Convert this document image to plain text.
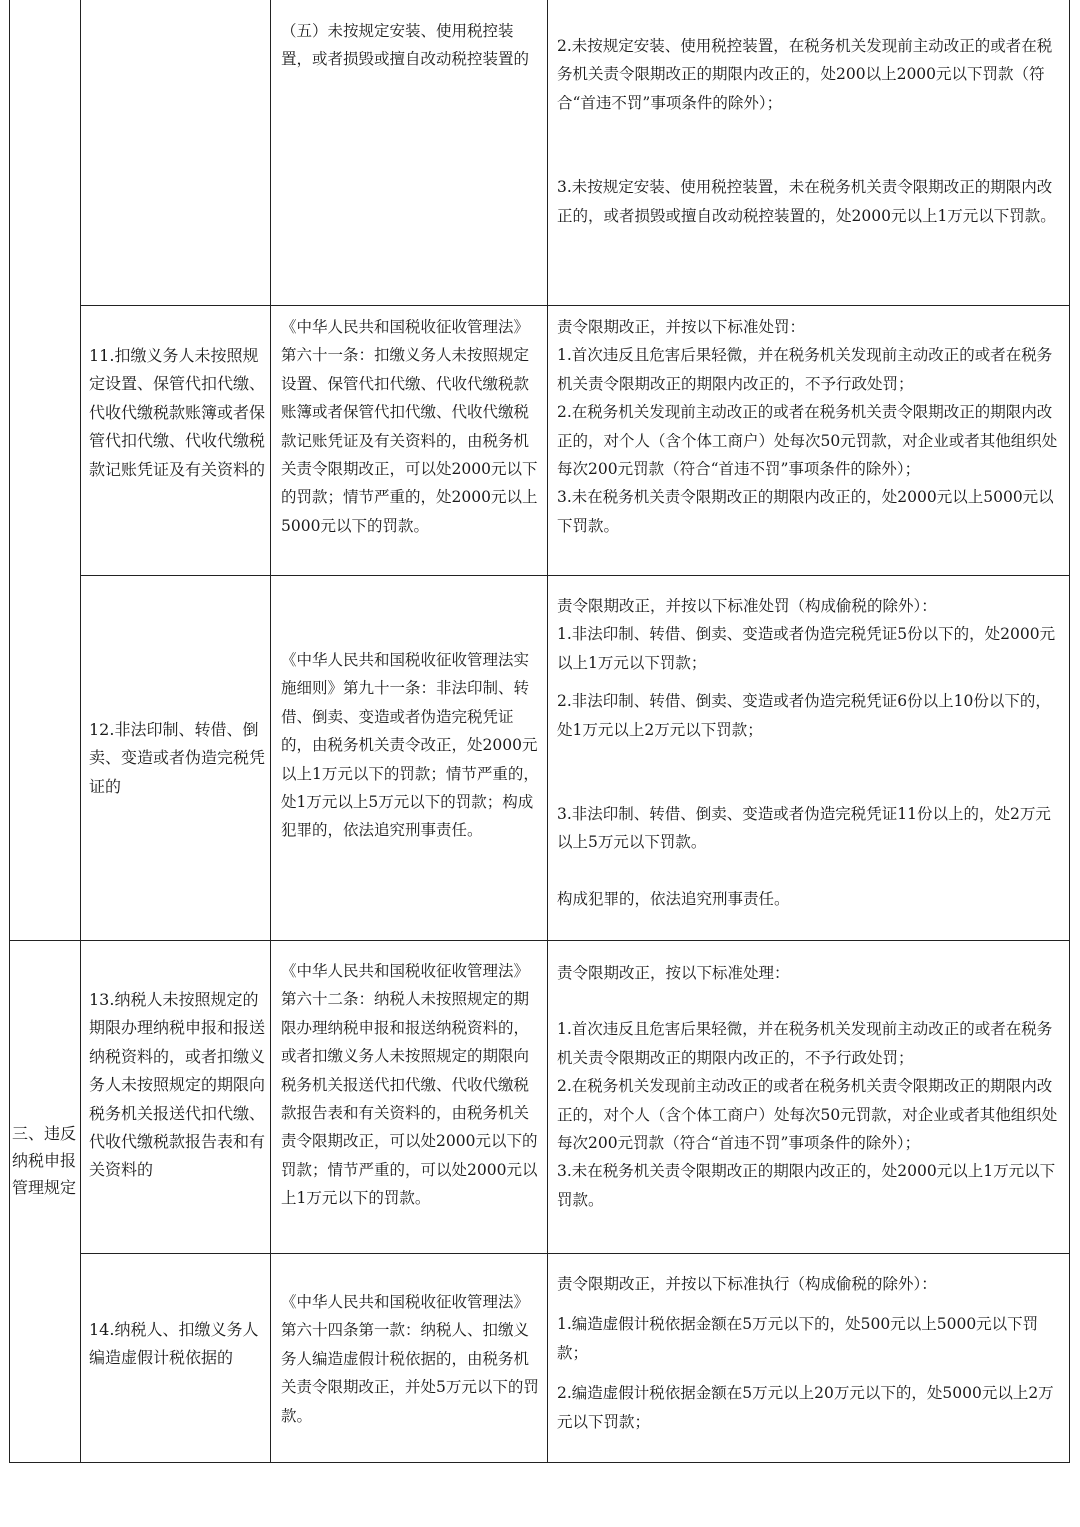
（五）未按规定安装、使用税控装置，或者损毁或擅自改动税控装置的

2.未按规定安装、使用税控装置，在税务机关发现前主动改正的或者在税务机关责令限期改正的期限内改正的，处200以上2000元以下罚款（符合“首违不罚”事项条件的除外）；

3.未按规定安装、使用税控装置，未在税务机关责令限期改正的期限内改正的，或者损毁或擅自改动税控装置的，处2000元以上1万元以下罚款。

11.扣缴义务人未按照规定设置、保管代扣代缴、代收代缴税款账簿或者保管代扣代缴、代收代缴税款记账凭证及有关资料的

《中华人民共和国税收征收管理法》第六十一条：扣缴义务人未按照规定设置、保管代扣代缴、代收代缴税款账簿或者保管代扣代缴、代收代缴税款记账凭证及有关资料的，由税务机关责令限期改正，可以处2000元以下的罚款；情节严重的，处2000元以上5000元以下的罚款。

责令限期改正，并按以下标准处罚：

1.首次违反且危害后果轻微，并在税务机关发现前主动改正的或者在税务机关责令限期改正的期限内改正的，不予行政处罚；

2.在税务机关发现前主动改正的或者在税务机关责令限期改正的期限内改正的，对个人（含个体工商户）处每次50元罚款，对企业或者其他组织处每次200元罚款（符合“首违不罚”事项条件的除外）；

3.未在税务机关责令限期改正的期限内改正的，处2000元以上5000元以下罚款。

12.非法印制、转借、倒卖、变造或者伪造完税凭证的

《中华人民共和国税收征收管理法实施细则》第九十一条：非法印制、转借、倒卖、变造或者伪造完税凭证的，由税务机关责令改正，处2000元以上1万元以下的罚款；情节严重的，处1万元以上5万元以下的罚款；构成犯罪的，依法追究刑事责任。

责令限期改正，并按以下标准处罚（构成偷税的除外）：

1.非法印制、转借、倒卖、变造或者伪造完税凭证5份以下的，处2000元以上1万元以下罚款；

2.非法印制、转借、倒卖、变造或者伪造完税凭证6份以上10份以下的，处1万元以上2万元以下罚款；

3.非法印制、转借、倒卖、变造或者伪造完税凭证11份以上的，处2万元以上5万元以下罚款。

构成犯罪的，依法追究刑事责任。

三、违反纳税申报管理规定

13.纳税人未按照规定的期限办理纳税申报和报送纳税资料的，或者扣缴义务人未按照规定的期限向税务机关报送代扣代缴、代收代缴税款报告表和有关资料的

《中华人民共和国税收征收管理法》第六十二条：纳税人未按照规定的期限办理纳税申报和报送纳税资料的，或者扣缴义务人未按照规定的期限向税务机关报送代扣代缴、代收代缴税款报告表和有关资料的，由税务机关责令限期改正，可以处2000元以下的罚款；情节严重的，可以处2000元以上1万元以下的罚款。

责令限期改正，按以下标准处理：

1.首次违反且危害后果轻微，并在税务机关发现前主动改正的或者在税务机关责令限期改正的期限内改正的，不予行政处罚；

2.在税务机关发现前主动改正的或者在税务机关责令限期改正的期限内改正的，对个人（含个体工商户）处每次50元罚款，对企业或者其他组织处每次200元罚款（符合“首违不罚”事项条件的除外）；

3.未在税务机关责令限期改正的期限内改正的，处2000元以上1万元以下罚款。

14.纳税人、扣缴义务人编造虚假计税依据的

《中华人民共和国税收征收管理法》第六十四条第一款：纳税人、扣缴义务人编造虚假计税依据的，由税务机关责令限期改正，并处5万元以下的罚款。

责令限期改正，并按以下标准执行（构成偷税的除外）：

1.编造虚假计税依据金额在5万元以下的，处500元以上5000元以下罚款；

2.编造虚假计税依据金额在5万元以上20万元以下的，处5000元以上2万元以下罚款；
